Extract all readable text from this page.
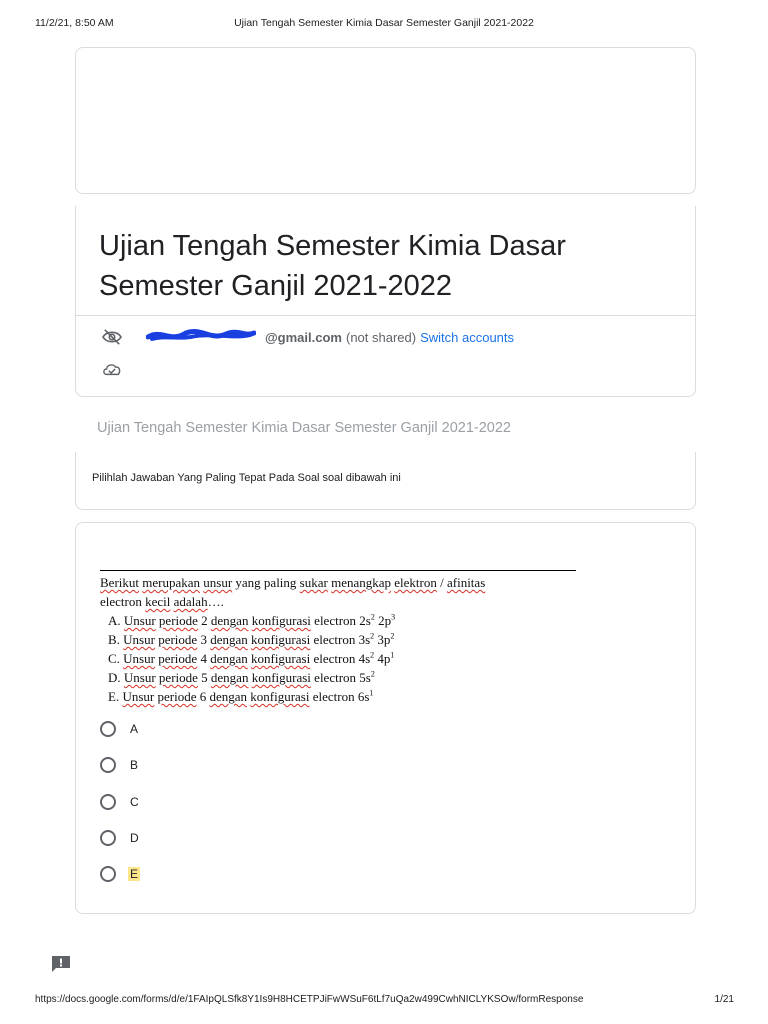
11/2/21, 8:50 AM	Ujian Tengah Semester Kimia Dasar Semester Ganjil 2021-2022
Ujian Tengah Semester Kimia Dasar Semester Ganjil 2021-2022
@gmail.com (not shared) Switch accounts
Ujian Tengah Semester Kimia Dasar Semester Ganjil 2021-2022
Pilihlah Jawaban Yang Paling Tepat Pada Soal soal dibawah ini
Berikut merupakan unsur yang paling sukar menangkap elektron / afinitas
electron kecil adalah….
A. Unsur periode 2 dengan konfigurasi electron $2s^2$ $2p^3$
B. Unsur periode 3 dengan konfigurasi electron $3s^2$ $3p^2$
C. Unsur periode 4 dengan konfigurasi electron $4s^2$ $4p^1$
D. Unsur periode 5 dengan konfigurasi electron $5s^2$
E. Unsur periode 6 dengan konfigurasi electron $6s^1$
A
B
C
D
E
https://docs.google.com/forms/d/e/1FAIpQLSfk8Y1Is9H8HCETPJiFwWSuF6tLf7uQa2w499CwhNICLYKSOw/formResponse	1/21
